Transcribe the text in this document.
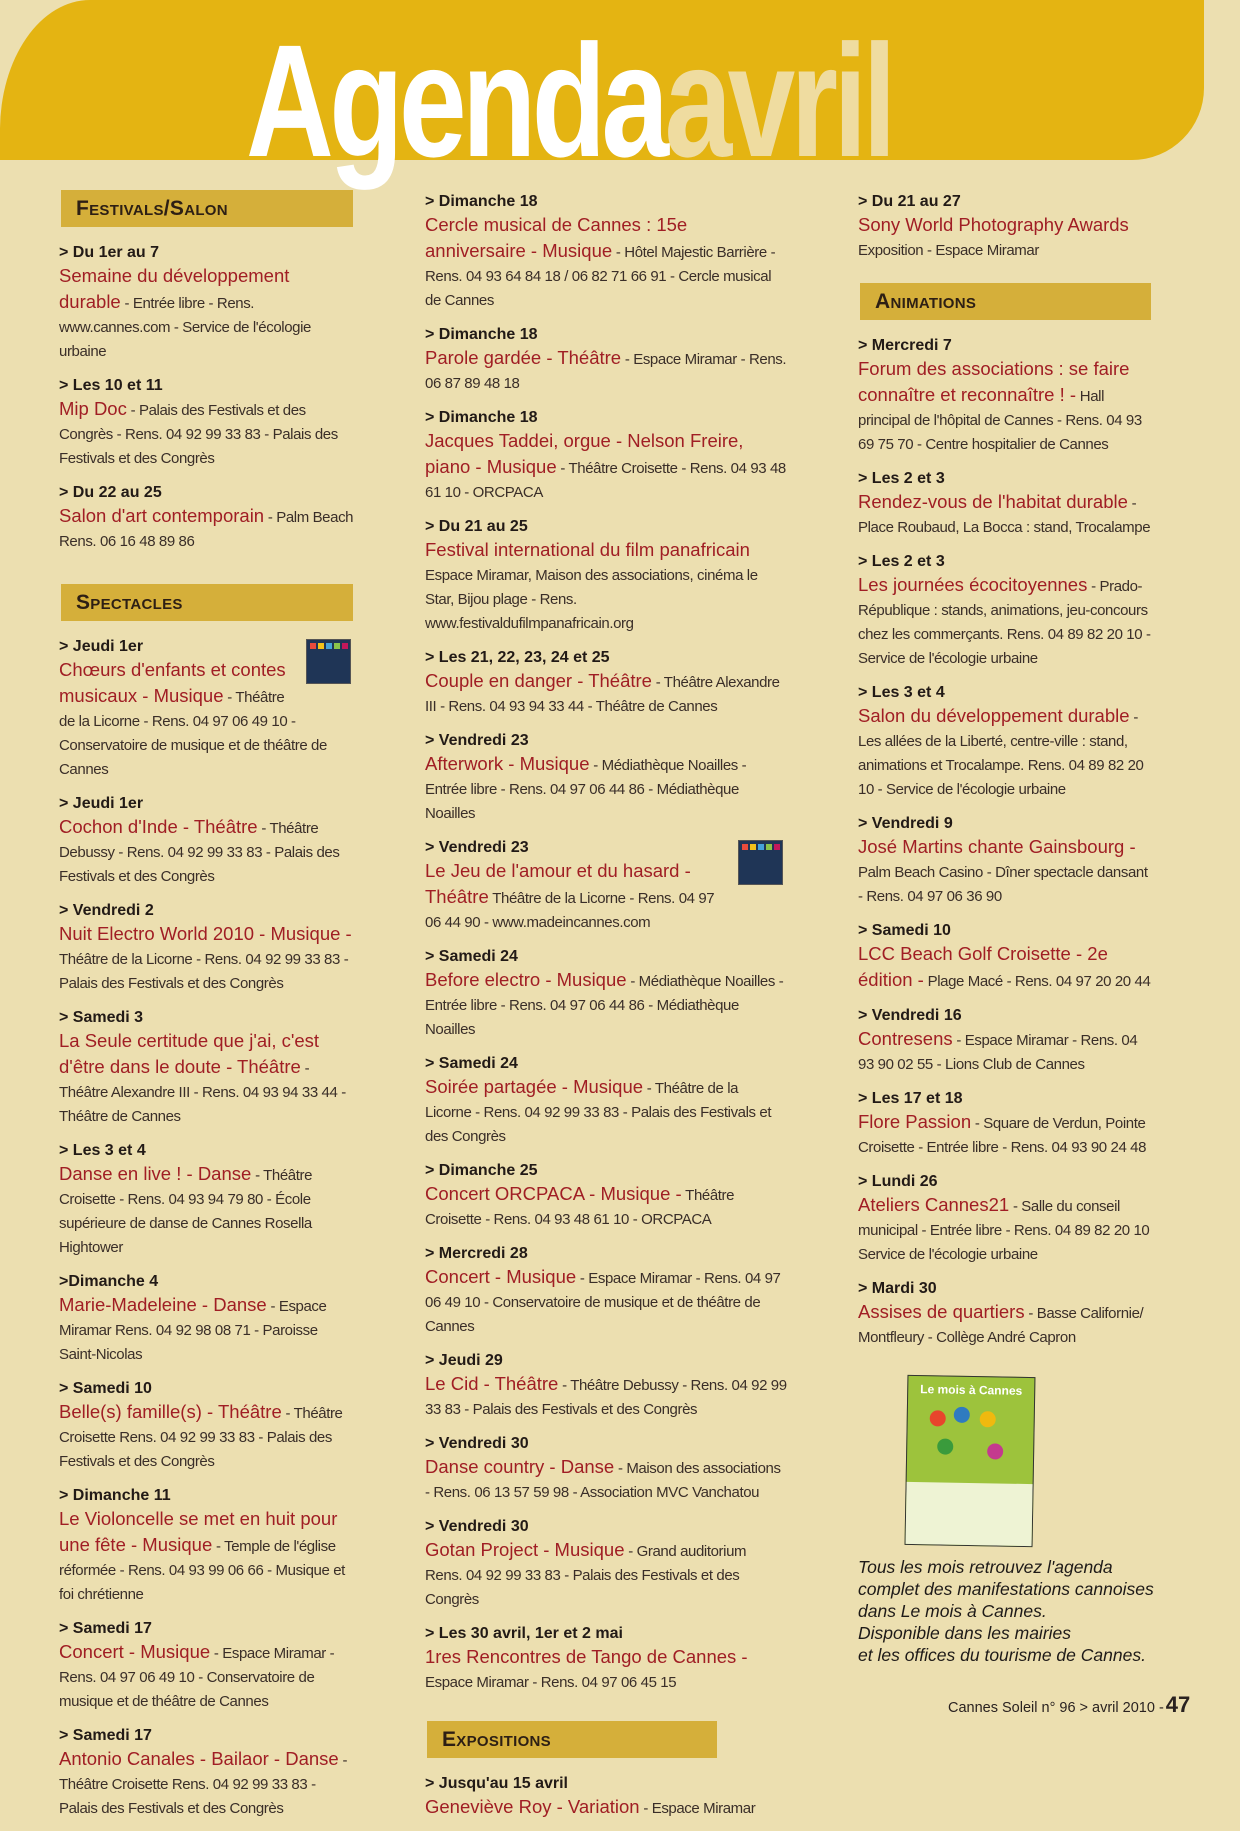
Agendaavril
Festivals/Salon
> Du 1er au 7
Semaine du développement durable - Entrée libre - Rens. www.cannes.com - Service de l'écologie urbaine
> Les 10 et 11
Mip Doc - Palais des Festivals et des Congrès - Rens. 04 92 99 33 83 - Palais des Festivals et des Congrès
> Du 22 au 25
Salon d'art contemporain - Palm Beach Rens. 06 16 48 89 86
Spectacles
> Jeudi 1er
Chœurs d'enfants et contes musicaux - Musique - Théâtre de la Licorne - Rens. 04 97 06 49 10 - Conservatoire de musique et de théâtre de Cannes
> Jeudi 1er
Cochon d'Inde - Théâtre - Théâtre Debussy - Rens. 04 92 99 33 83 - Palais des Festivals et des Congrès
> Vendredi 2
Nuit Electro World 2010 - Musique - Théâtre de la Licorne - Rens. 04 92 99 33 83 - Palais des Festivals et des Congrès
> Samedi 3
La Seule certitude que j'ai, c'est d'être dans le doute - Théâtre - Théâtre Alexandre III - Rens. 04 93 94 33 44 - Théâtre de Cannes
> Les 3 et 4
Danse en live ! - Danse - Théâtre Croisette - Rens. 04 93 94 79 80 - École supérieure de danse de Cannes Rosella Hightower
>Dimanche 4
Marie-Madeleine - Danse - Espace Miramar Rens. 04 92 98 08 71 - Paroisse Saint-Nicolas
> Samedi 10
Belle(s) famille(s) - Théâtre - Théâtre Croisette Rens. 04 92 99 33 83 - Palais des Festivals et des Congrès
> Dimanche 11
Le Violoncelle se met en huit pour une fête - Musique - Temple de l'église réformée - Rens. 04 93 99 06 66 - Musique et foi chrétienne
> Samedi 17
Concert - Musique - Espace Miramar - Rens. 04 97 06 49 10 - Conservatoire de musique et de théâtre de Cannes
> Samedi 17
Antonio Canales - Bailaor - Danse - Théâtre Croisette Rens. 04 92 99 33 83 - Palais des Festivals et des Congrès
> Dimanche 18
Cercle musical de Cannes : 15e anniversaire - Musique - Hôtel Majestic Barrière - Rens. 04 93 64 84 18 / 06 82 71 66 91 - Cercle musical de Cannes
> Dimanche 18
Parole gardée - Théâtre - Espace Miramar - Rens. 06 87 89 48 18
> Dimanche 18
Jacques Taddei, orgue - Nelson Freire, piano - Musique - Théâtre Croisette - Rens. 04 93 48 61 10 - ORCPACA
> Du 21 au 25
Festival international du film panafricain Espace Miramar, Maison des associations, cinéma le Star, Bijou plage - Rens. www.festivaldufilmpanafricain.org
> Les 21, 22, 23, 24 et 25
Couple en danger - Théâtre - Théâtre Alexandre III - Rens. 04 93 94 33 44 - Théâtre de Cannes
> Vendredi 23
Afterwork - Musique - Médiathèque Noailles - Entrée libre - Rens. 04 97 06 44 86 - Médiathèque Noailles
> Vendredi 23
Le Jeu de l'amour et du hasard - Théâtre Théâtre de la Licorne - Rens. 04 97 06 44 90 - www.madeincannes.com
> Samedi 24
Before electro - Musique - Médiathèque Noailles - Entrée libre - Rens. 04 97 06 44 86 - Médiathèque Noailles
> Samedi 24
Soirée partagée - Musique - Théâtre de la Licorne - Rens. 04 92 99 33 83 - Palais des Festivals et des Congrès
> Dimanche 25
Concert ORCPACA - Musique - Théâtre Croisette - Rens. 04 93 48 61 10 - ORCPACA
> Mercredi 28
Concert - Musique - Espace Miramar - Rens. 04 97 06 49 10 - Conservatoire de musique et de théâtre de Cannes
> Jeudi 29
Le Cid - Théâtre - Théâtre Debussy - Rens. 04 92 99 33 83 - Palais des Festivals et des Congrès
> Vendredi 30
Danse country - Danse - Maison des associations - Rens. 06 13 57 59 98 - Association MVC Vanchatou
> Vendredi 30
Gotan Project - Musique - Grand auditorium Rens. 04 92 99 33 83 - Palais des Festivals et des Congrès
> Les 30 avril, 1er et 2 mai
1res Rencontres de Tango de Cannes - Espace Miramar - Rens. 04 97 06 45 15
Expositions
> Jusqu'au 15 avril
Geneviève Roy - Variation - Espace Miramar
> Du 21 au 27
Sony World Photography Awards Exposition - Espace Miramar
Animations
> Mercredi 7
Forum des associations : se faire connaître et reconnaître ! - Hall principal de l'hôpital de Cannes - Rens. 04 93 69 75 70 - Centre hospitalier de Cannes
> Les 2 et 3
Rendez-vous de l'habitat durable - Place Roubaud, La Bocca : stand, Trocalampe
> Les 2 et 3
Les journées écocitoyennes - Prado-République : stands, animations, jeu-concours chez les commerçants. Rens. 04 89 82 20 10 - Service de l'écologie urbaine
> Les 3 et 4
Salon du développement durable - Les allées de la Liberté, centre-ville : stand, animations et Trocalampe. Rens. 04 89 82 20 10 - Service de l'écologie urbaine
> Vendredi 9
José Martins chante Gainsbourg - Palm Beach Casino - Dîner spectacle dansant - Rens. 04 97 06 36 90
> Samedi 10
LCC Beach Golf Croisette - 2e édition - Plage Macé - Rens. 04 97 20 20 44
> Vendredi 16
Contresens - Espace Miramar - Rens. 04 93 90 02 55 - Lions Club de Cannes
> Les 17 et 18
Flore Passion - Square de Verdun, Pointe Croisette - Entrée libre - Rens. 04 93 90 24 48
> Lundi 26
Ateliers Cannes21 - Salle du conseil municipal - Entrée libre - Rens. 04 89 82 20 10 Service de l'écologie urbaine
> Mardi 30
Assises de quartiers - Basse Californie/ Montfleury - Collège André Capron
Le mois à Cannes
Tous les mois retrouvez l'agenda
complet des manifestations cannoises
dans Le mois à Cannes.
Disponible dans les mairies
et les offices du tourisme de Cannes.
Cannes Soleil n° 96 > avril 2010 -47
